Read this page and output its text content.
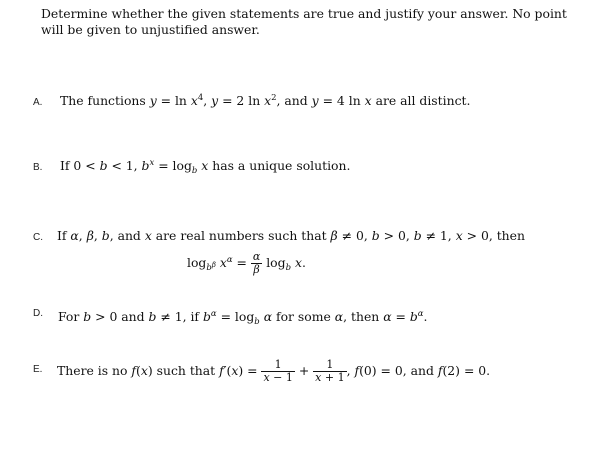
Determine whether the given statements are true and justify your answer. No point will be given to unjustified answer.
A. The functions $y = \ln x^4$, y = 2 $\ln x^2$, and y = 4 ln x are all distinct.
B. If 0 < b < 1, $b^x = \log_b x$ has a unique solution.
C. If α, β, b, and x are real numbers such that β ≠ 0, b > 0, b ≠ 1, x > 0, then
$\log_{b^\beta} x^\alpha = \frac{\alpha}{\beta} \log_b x$.
D. For b > 0 and b ≠ 1, if $b^\alpha = \log_b \alpha$ for some α, then $\alpha = b^\alpha$.
E. There is no f(x) such that $f'(x) = \frac{1}{x - 1} + \frac{1}{x + 1}$ , f(0) = 0, and f(2) = 0.
